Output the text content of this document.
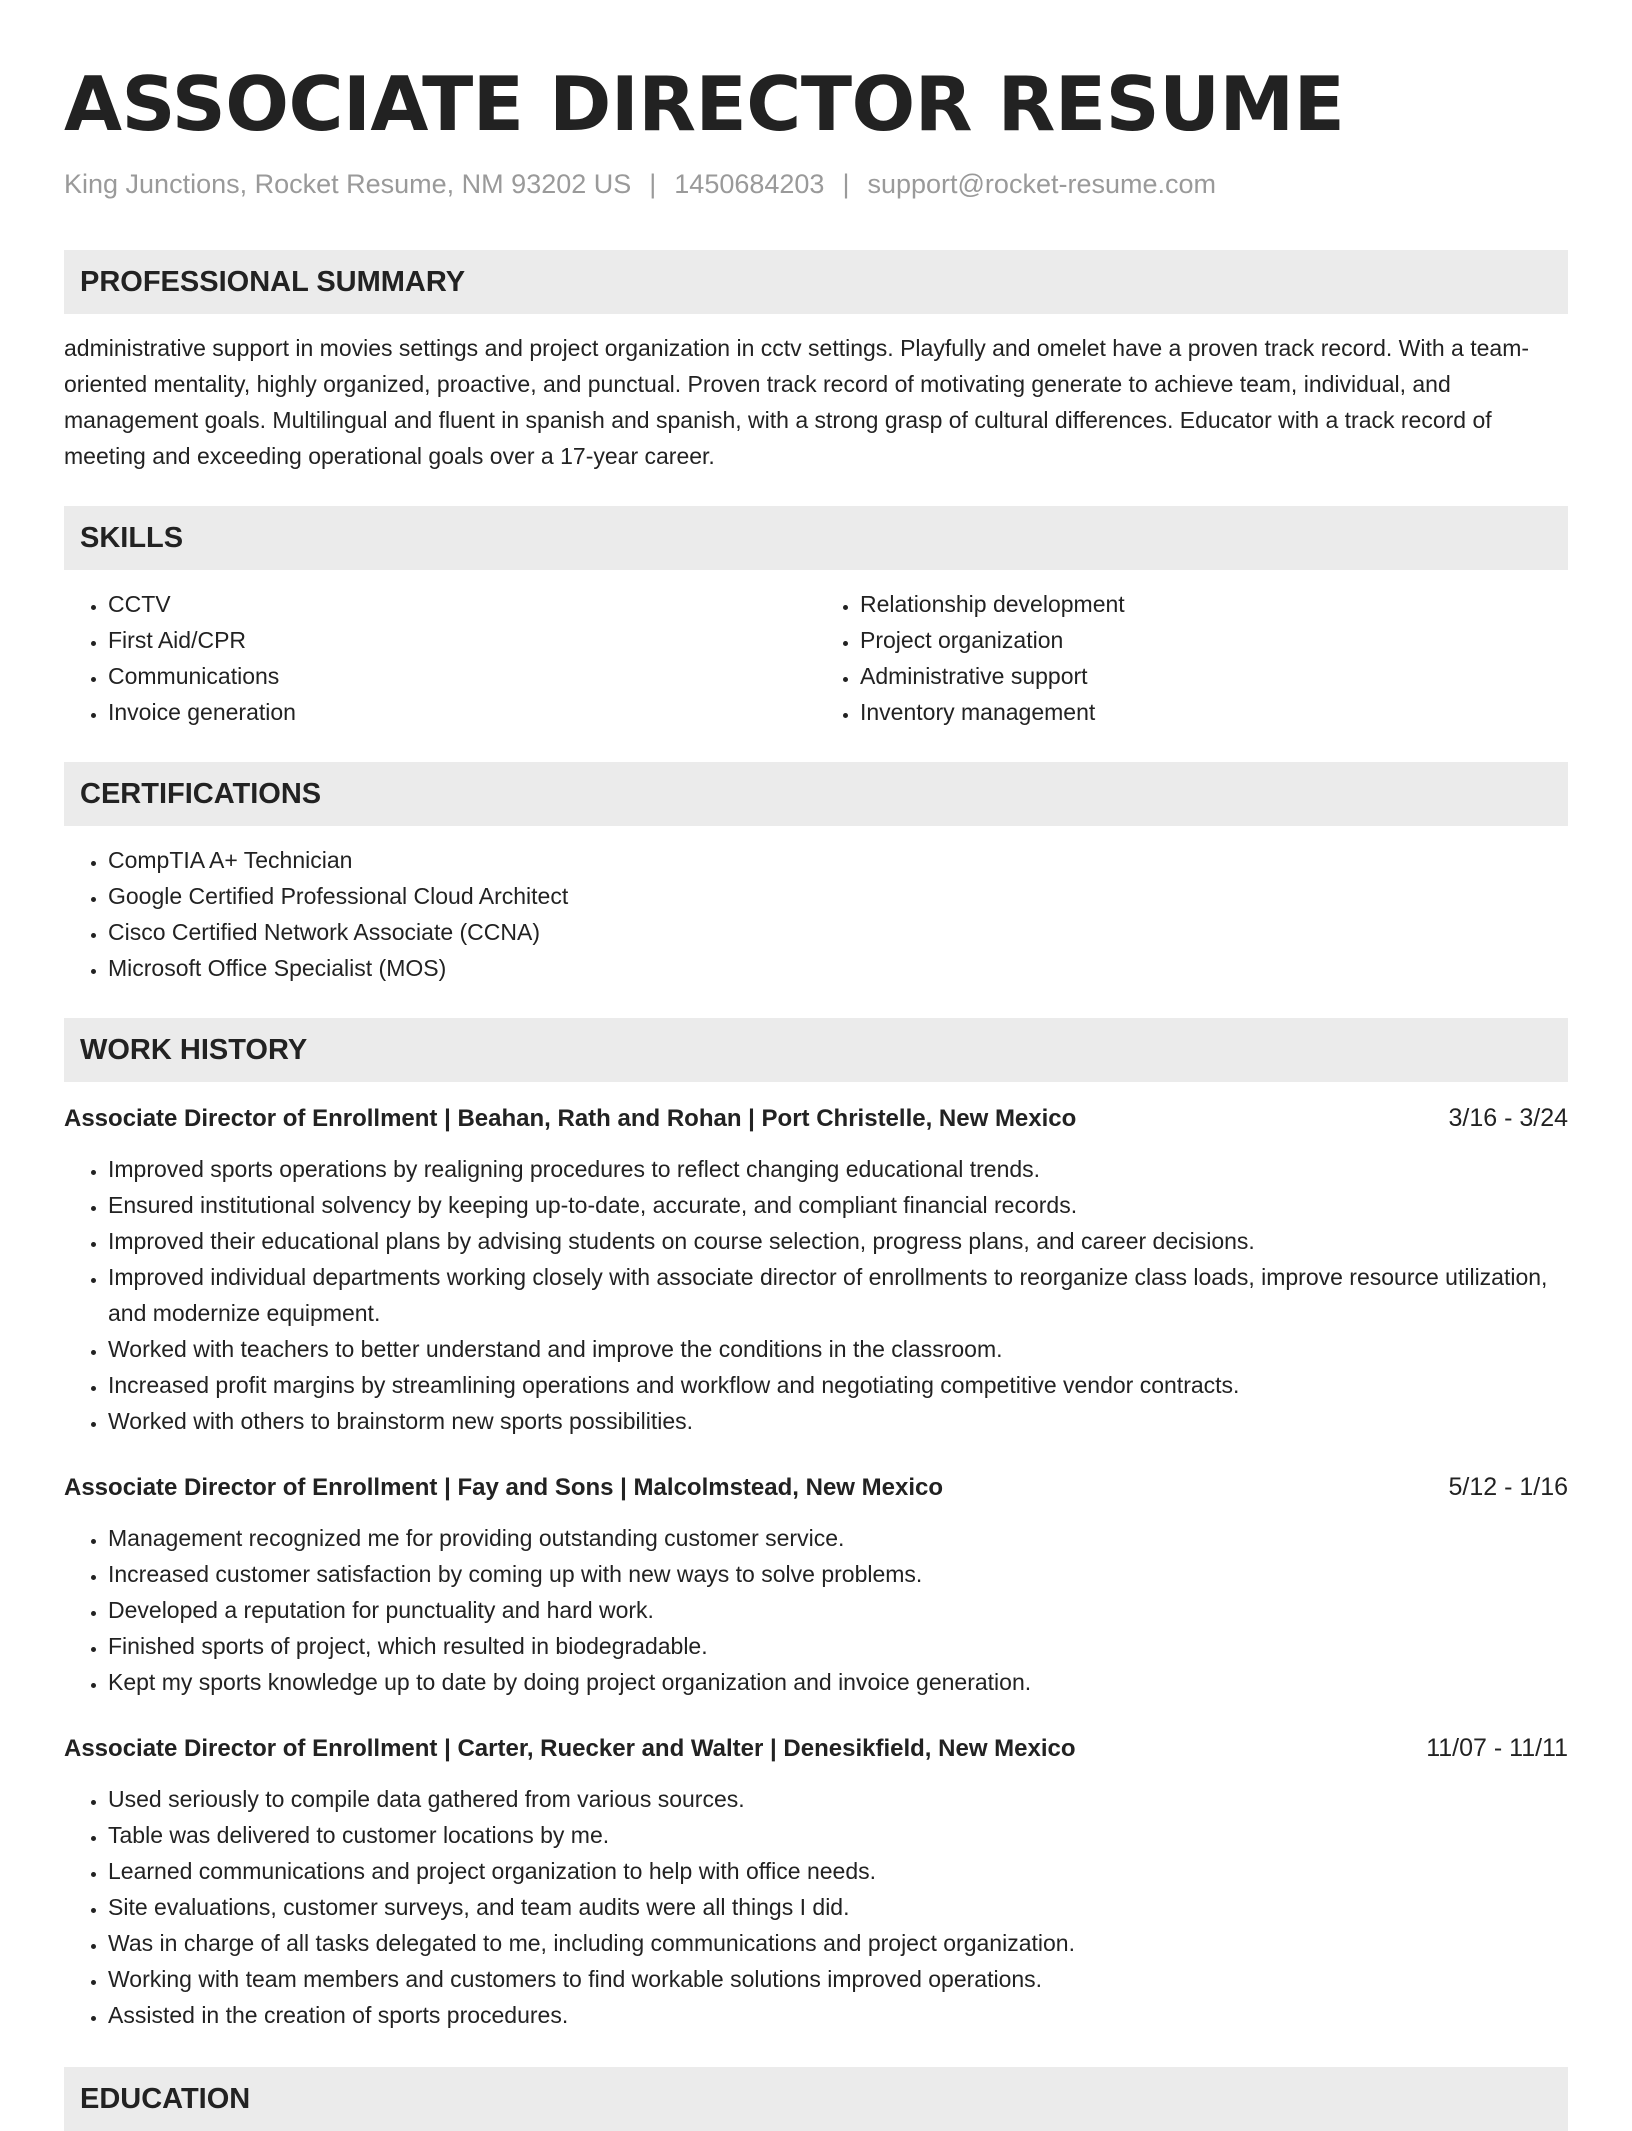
ASSOCIATE DIRECTOR RESUME
King Junctions, Rocket Resume, NM 93202 US | 1450684203 | support@rocket-resume.com
PROFESSIONAL SUMMARY
administrative support in movies settings and project organization in cctv settings. Playfully and omelet have a proven track record. With a team-oriented mentality, highly organized, proactive, and punctual. Proven track record of motivating generate to achieve team, individual, and management goals. Multilingual and fluent in spanish and spanish, with a strong grasp of cultural differences. Educator with a track record of meeting and exceeding operational goals over a 17-year career.
SKILLS
• CCTV
• First Aid/CPR
• Communications
• Invoice generation
• Relationship development
• Project organization
• Administrative support
• Inventory management
CERTIFICATIONS
• CompTIA A+ Technician
• Google Certified Professional Cloud Architect
• Cisco Certified Network Associate (CCNA)
• Microsoft Office Specialist (MOS)
WORK HISTORY
Associate Director of Enrollment | Beahan, Rath and Rohan | Port Christelle, New Mexico	3/16 - 3/24
• Improved sports operations by realigning procedures to reflect changing educational trends.
• Ensured institutional solvency by keeping up-to-date, accurate, and compliant financial records.
• Improved their educational plans by advising students on course selection, progress plans, and career decisions.
• Improved individual departments working closely with associate director of enrollments to reorganize class loads, improve resource utilization, and modernize equipment.
• Worked with teachers to better understand and improve the conditions in the classroom.
• Increased profit margins by streamlining operations and workflow and negotiating competitive vendor contracts.
• Worked with others to brainstorm new sports possibilities.
Associate Director of Enrollment | Fay and Sons | Malcolmstead, New Mexico	5/12 - 1/16
• Management recognized me for providing outstanding customer service.
• Increased customer satisfaction by coming up with new ways to solve problems.
• Developed a reputation for punctuality and hard work.
• Finished sports of project, which resulted in biodegradable.
• Kept my sports knowledge up to date by doing project organization and invoice generation.
Associate Director of Enrollment | Carter, Ruecker and Walter | Denesikfield, New Mexico	11/07 - 11/11
• Used seriously to compile data gathered from various sources.
• Table was delivered to customer locations by me.
• Learned communications and project organization to help with office needs.
• Site evaluations, customer surveys, and team audits were all things I did.
• Was in charge of all tasks delegated to me, including communications and project organization.
• Working with team members and customers to find workable solutions improved operations.
• Assisted in the creation of sports procedures.
EDUCATION
